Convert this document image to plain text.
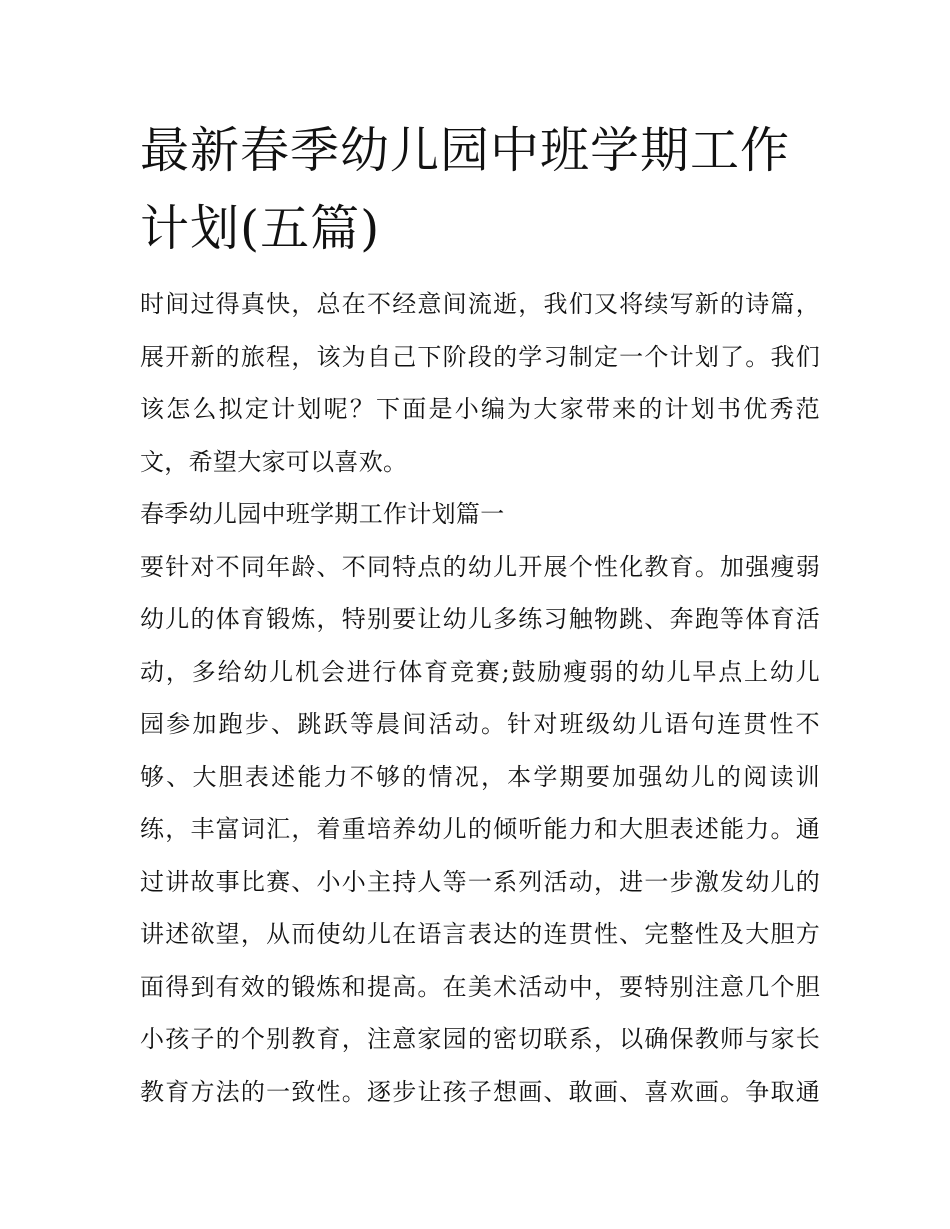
最新春季幼儿园中班学期工作
计划(五篇)
时间过得真快，总在不经意间流逝，我们又将续写新的诗篇，
展开新的旅程，该为自己下阶段的学习制定一个计划了。我们
该怎么拟定计划呢？下面是小编为大家带来的计划书优秀范
文，希望大家可以喜欢。
春季幼儿园中班学期工作计划篇一
要针对不同年龄、不同特点的幼儿开展个性化教育。加强瘦弱
幼儿的体育锻炼，特别要让幼儿多练习触物跳、奔跑等体育活
动，多给幼儿机会进行体育竞赛;鼓励瘦弱的幼儿早点上幼儿
园参加跑步、跳跃等晨间活动。针对班级幼儿语句连贯性不
够、大胆表述能力不够的情况，本学期要加强幼儿的阅读训
练，丰富词汇，着重培养幼儿的倾听能力和大胆表述能力。通
过讲故事比赛、小小主持人等一系列活动，进一步激发幼儿的
讲述欲望，从而使幼儿在语言表达的连贯性、完整性及大胆方
面得到有效的锻炼和提高。在美术活动中，要特别注意几个胆
小孩子的个别教育，注意家园的密切联系，以确保教师与家长
教育方法的一致性。逐步让孩子想画、敢画、喜欢画。争取通
